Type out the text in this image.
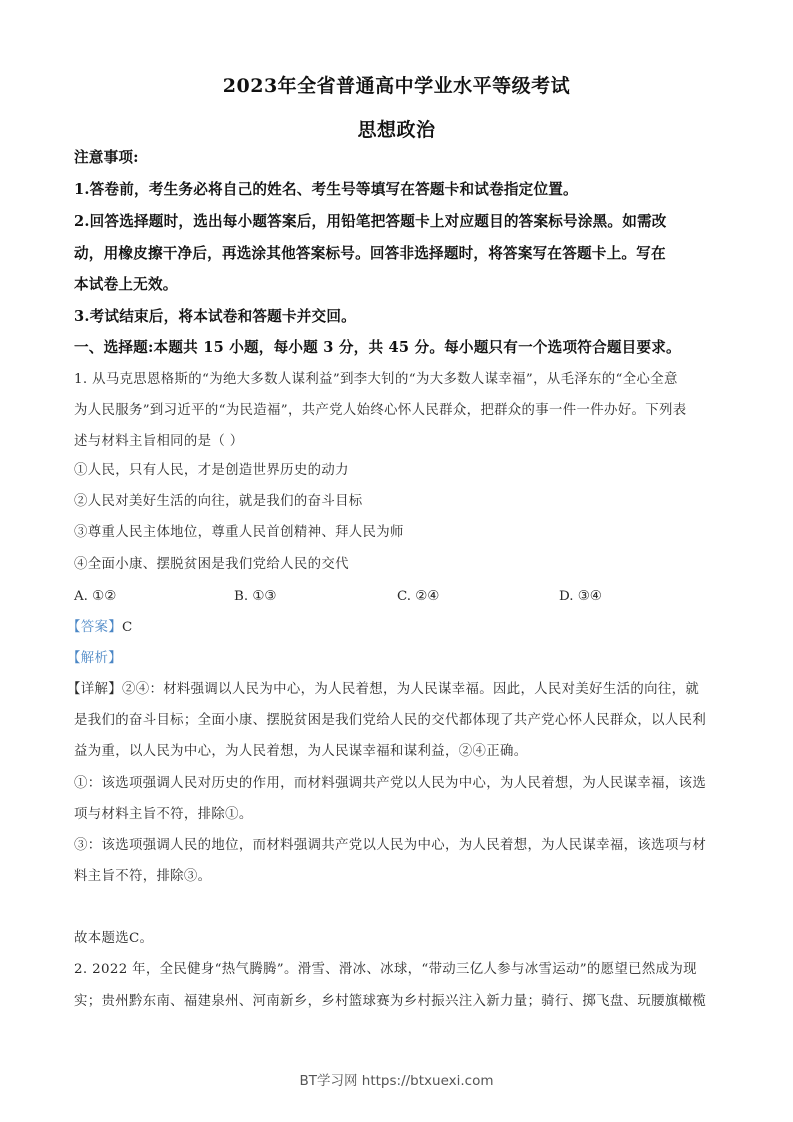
2023年全省普通高中学业水平等级考试
思想政治
注意事项:
1.答卷前，考生务必将自己的姓名、考生号等填写在答题卡和试卷指定位置。
2.回答选择题时，选出每小题答案后，用铅笔把答题卡上对应题目的答案标号涂黑。如需改
动，用橡皮擦干净后，再选涂其他答案标号。回答非选择题时，将答案写在答题卡上。写在
本试卷上无效。
3.考试结束后，将本试卷和答题卡并交回。
一、选择题:本题共 15 小题，每小题 3 分，共 45 分。每小题只有一个选项符合题目要求。
1. 从马克思恩格斯的“为绝大多数人谋利益”到李大钊的“为大多数人谋幸福”，从毛泽东的“全心全意
为人民服务”到习近平的“为民造福”，共产党人始终心怀人民群众，把群众的事一件一件办好。下列表
述与材料主旨相同的是（ ）
①人民，只有人民，才是创造世界历史的动力
②人民对美好生活的向往，就是我们的奋斗目标
③尊重人民主体地位，尊重人民首创精神、拜人民为师
④全面小康、摆脱贫困是我们党给人民的交代
A. ①②	B. ①③	C. ②④	D. ③④
【答案】C
【解析】
【详解】②④：材料强调以人民为中心，为人民着想，为人民谋幸福。因此，人民对美好生活的向往，就
是我们的奋斗目标；全面小康、摆脱贫困是我们党给人民的交代都体现了共产党心怀人民群众，以人民利
益为重，以人民为中心，为人民着想，为人民谋幸福和谋利益，②④正确。
①：该选项强调人民对历史的作用，而材料强调共产党以人民为中心，为人民着想，为人民谋幸福，该选
项与材料主旨不符，排除①。
③：该选项强调人民的地位，而材料强调共产党以人民为中心，为人民着想，为人民谋幸福，该选项与材
料主旨不符，排除③。
故本题选C。
2. 2022 年，全民健身“热气腾腾”。滑雪、滑冰、冰球，“带动三亿人参与冰雪运动”的愿望已然成为现
实；贵州黔东南、福建泉州、河南新乡，乡村篮球赛为乡村振兴注入新力量；骑行、掷飞盘、玩腰旗橄榄
BT学习网 https://btxuexi.com
